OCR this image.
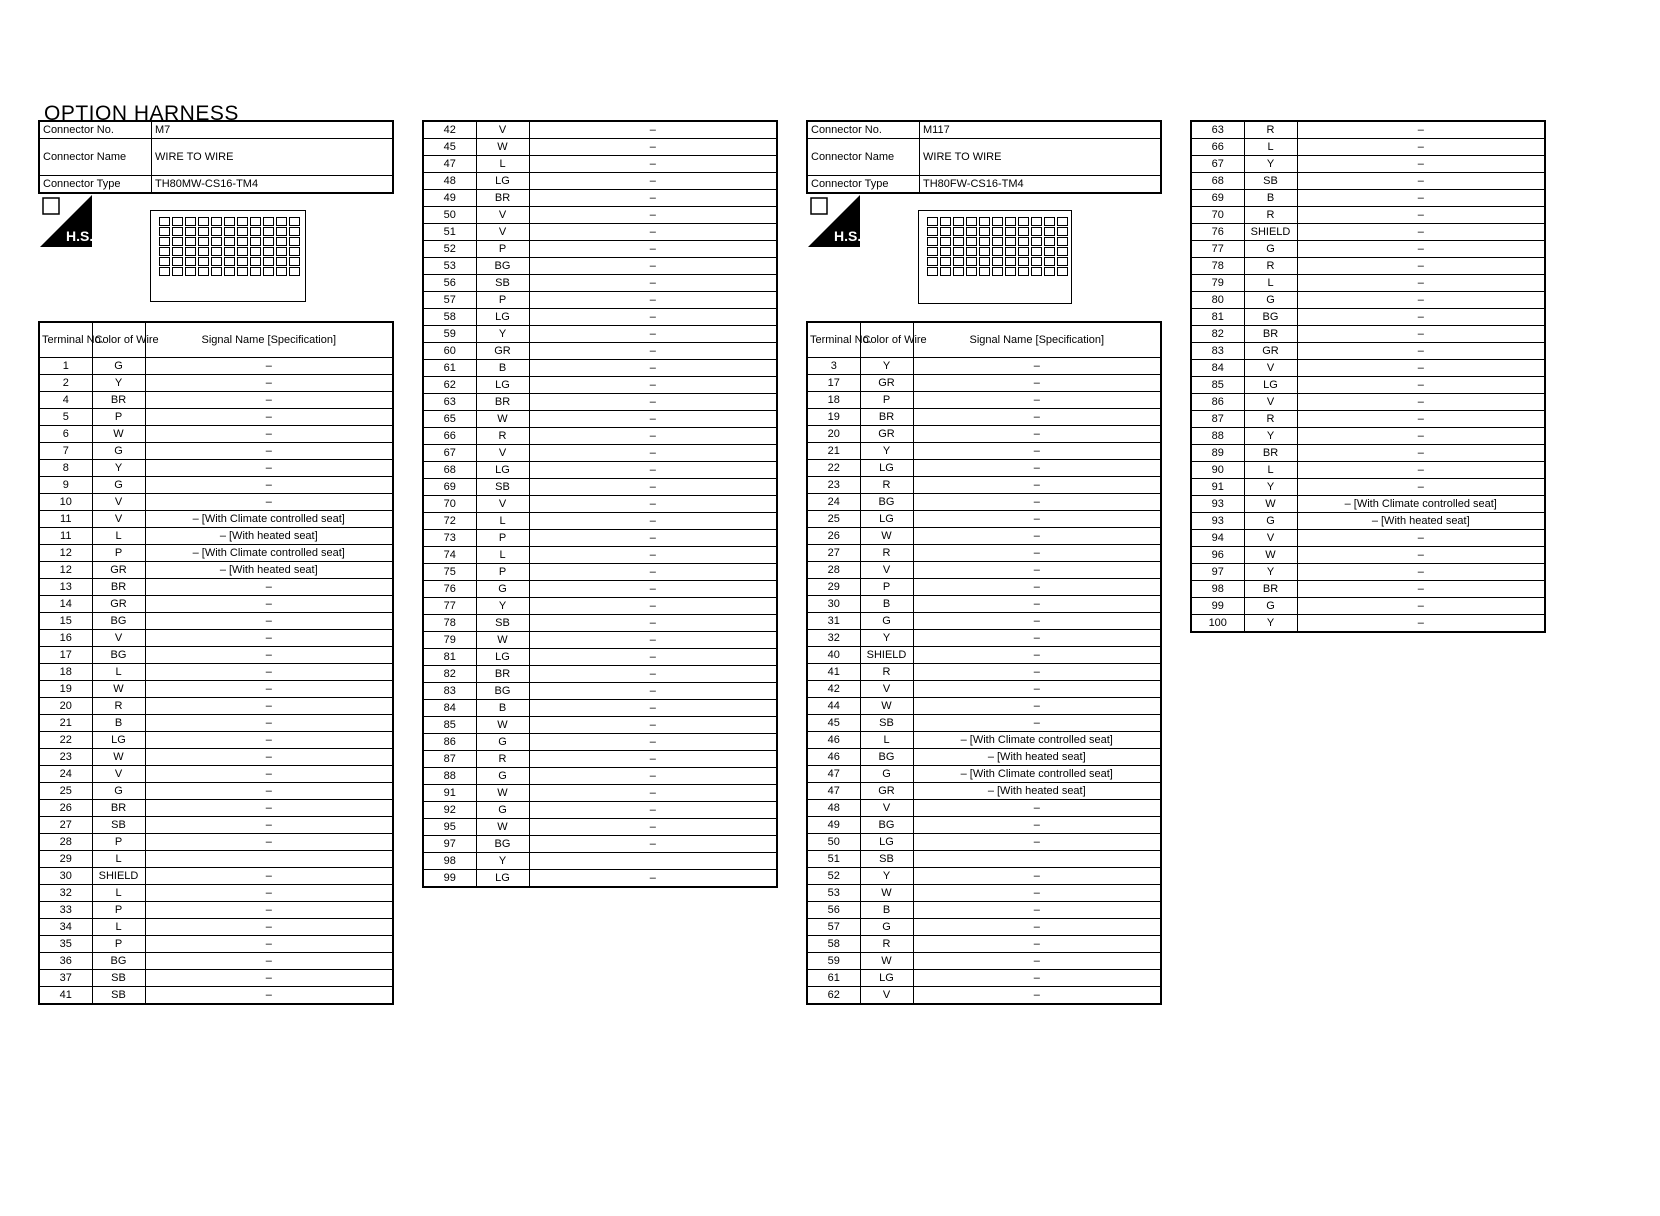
OPTION HARNESS
Connector No.	M7
Connector Name	WIRE TO WIRE
Connector Type	TH80MW-CS16-TM4
H.S.
Terminal No.	Color of Wire	Signal Name [Specification]
1	G	–
2	Y	–
4	BR	–
5	P	–
6	W	–
7	G	–
8	Y	–
9	G	–
10	V	–
11	V	– [With Climate controlled seat]
11	L	– [With heated seat]
12	P	– [With Climate controlled seat]
12	GR	– [With heated seat]
13	BR	–
14	GR	–
15	BG	–
16	V	–
17	BG	–
18	L	–
19	W	–
20	R	–
21	B	–
22	LG	–
23	W	–
24	V	–
25	G	–
26	BR	–
27	SB	–
28	P	–
29	L	
30	SHIELD	–
32	L	–
33	P	–
34	L	–
35	P	–
36	BG	–
37	SB	–
41	SB	–
42	V	–
45	W	–
47	L	–
48	LG	–
49	BR	–
50	V	–
51	V	–
52	P	–
53	BG	–
56	SB	–
57	P	–
58	LG	–
59	Y	–
60	GR	–
61	B	–
62	LG	–
63	BR	–
65	W	–
66	R	–
67	V	–
68	LG	–
69	SB	–
70	V	–
72	L	–
73	P	–
74	L	–
75	P	–
76	G	–
77	Y	–
78	SB	–
79	W	–
81	LG	–
82	BR	–
83	BG	–
84	B	–
85	W	–
86	G	–
87	R	–
88	G	–
91	W	–
92	G	–
95	W	–
97	BG	–
98	Y	
99	LG	–
Connector No.	M117
Connector Name	WIRE TO WIRE
Connector Type	TH80FW-CS16-TM4
H.S.
Terminal No.	Color of Wire	Signal Name [Specification]
3	Y	–
17	GR	–
18	P	–
19	BR	–
20	GR	–
21	Y	–
22	LG	–
23	R	–
24	BG	–
25	LG	–
26	W	–
27	R	–
28	V	–
29	P	–
30	B	–
31	G	–
32	Y	–
40	SHIELD	–
41	R	–
42	V	–
44	W	–
45	SB	–
46	L	– [With Climate controlled seat]
46	BG	– [With heated seat]
47	G	– [With Climate controlled seat]
47	GR	– [With heated seat]
48	V	–
49	BG	–
50	LG	–
51	SB	
52	Y	–
53	W	–
56	B	–
57	G	–
58	R	–
59	W	–
61	LG	–
62	V	–
63	R	–
66	L	–
67	Y	–
68	SB	–
69	B	–
70	R	–
76	SHIELD	–
77	G	–
78	R	–
79	L	–
80	G	–
81	BG	–
82	BR	–
83	GR	–
84	V	–
85	LG	–
86	V	–
87	R	–
88	Y	–
89	BR	–
90	L	–
91	Y	–
93	W	– [With Climate controlled seat]
93	G	– [With heated seat]
94	V	–
96	W	–
97	Y	–
98	BR	–
99	G	–
100	Y	–
